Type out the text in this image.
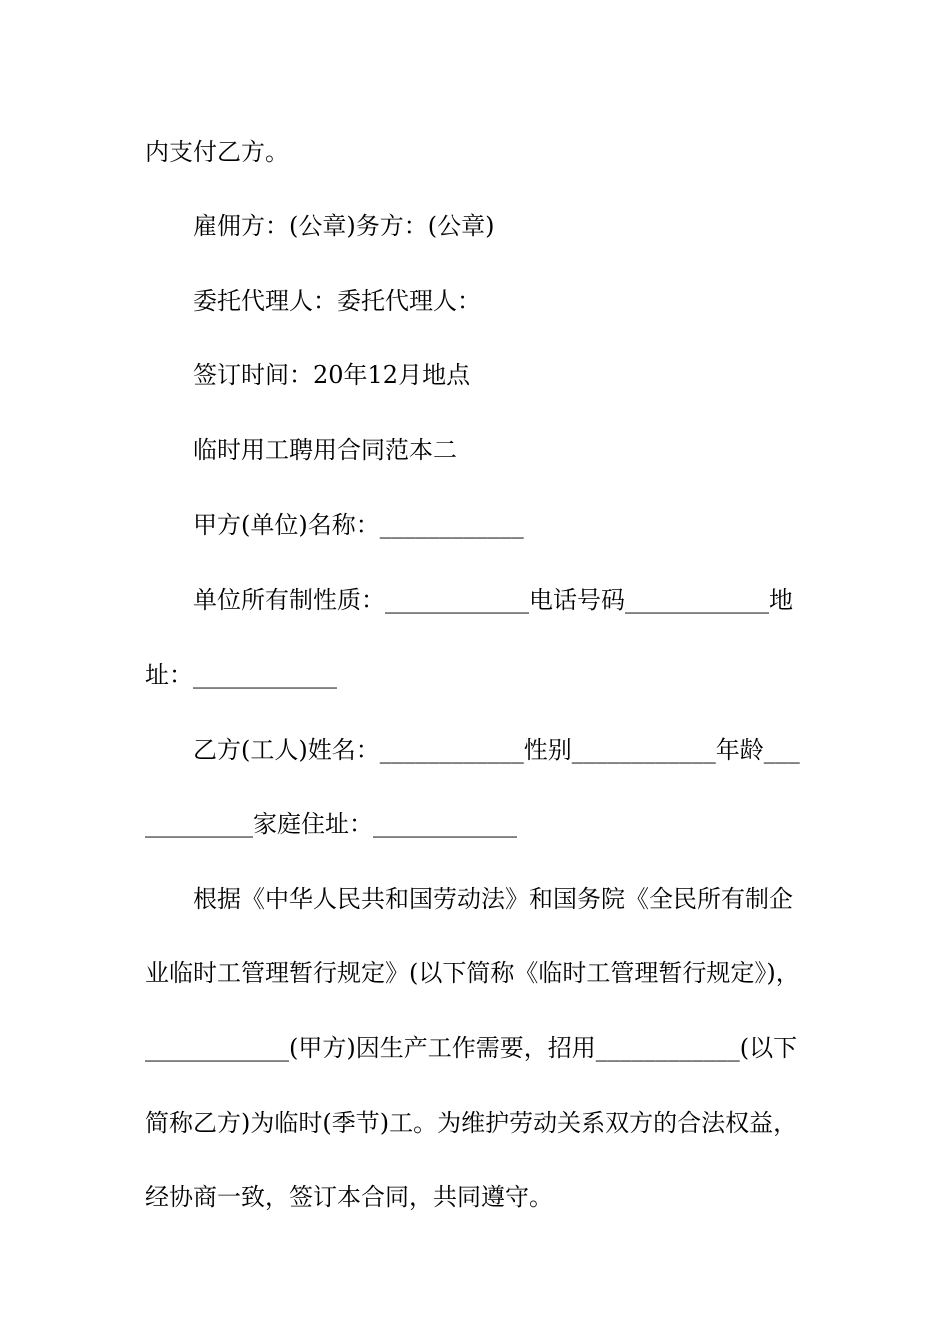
内支付乙方。
雇佣方：(公章)务方：(公章)
委托代理人：委托代理人：
签订时间：20年12月地点
临时用工聘用合同范本二
甲方(单位)名称：____________
单位所有制性质：____________电话号码____________地
址：____________
乙方(工人)姓名：____________性别____________年龄___
_________家庭住址：____________
根据《中华人民共和国劳动法》和国务院《全民所有制企
业临时工管理暂行规定》(以下简称《临时工管理暂行规定》)，
____________(甲方)因生产工作需要，招用____________(以下
简称乙方)为临时(季节)工。为维护劳动关系双方的合法权益，
经协商一致，签订本合同，共同遵守。
